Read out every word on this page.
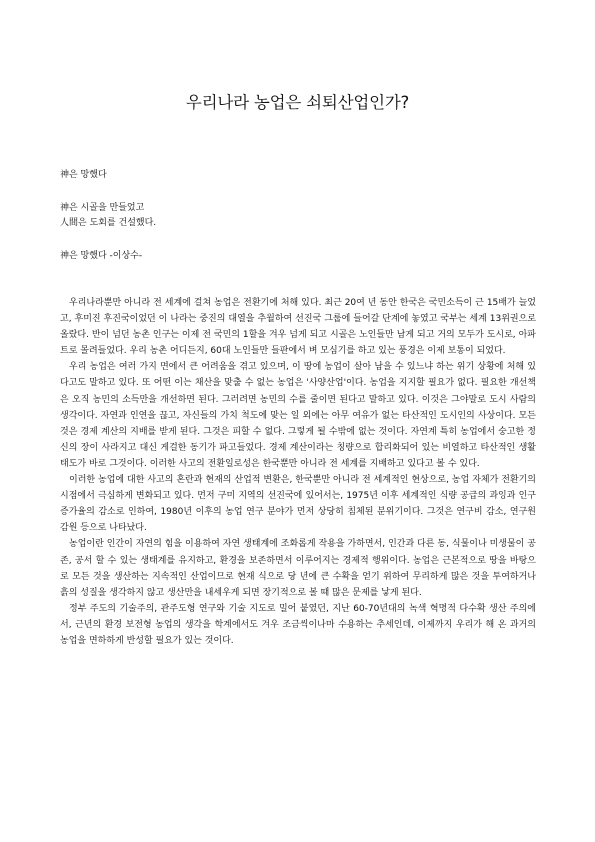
우리나라 농업은 쇠퇴산업인가?
神은 망했다
神은 시골을 만들었고
人間은 도회를 건설했다.
神은 망했다 -이상수-

우리나라뿐만 아니라 전 세계에 걸쳐 농업은 전환기에 처해 있다. 최근 20여 년 동안 한국은 국민소득이 근 15배가 늘었고, 후미진 후진국이었던 이 나라는 중진의 대열을 추월하여 선진국 그룹에 들어갈 단계에 놓였고 국부는 세계 13위권으로 올랐다. 반이 넘던 농촌 인구는 이제 전 국민의 1할을 겨우 넘게 되고 시골은 노인들만 남게 되고 거의 모두가 도시로, 아파트로 몰려들었다. 우리 농촌 어디든지, 60대 노인들만 들판에서 벼 모심기를 하고 있는 풍경은 이제 보통이 되었다.

우리 농업은 여러 가지 면에서 큰 어려움을 겪고 있으며, 이 땅에 농업이 살아 남을 수 있느냐 하는 위기 상황에 처해 있다고도 말하고 있다. 또 어떤 이는 채산을 맞출 수 없는 농업은 '사양산업'이다. 농업을 지지할 필요가 없다. 필요한 개선책은 오직 농민의 소득만을 개선하면 된다. 그러려면 농민의 수를 줄이면 된다고 말하고 있다. 이것은 그야말로 도시 사람의 생각이다. 자연과 인연을 끊고, 자신들의 가치 척도에 맞는 일 외에는 아무 여유가 없는 타산적인 도시인의 사상이다. 모든 것은 경제 계산의 지배를 받게 된다. 그것은 피할 수 없다. 그렇게 될 수밖에 없는 것이다. 자연계 특히 농업에서 숭고한 정신의 장이 사라지고 대신 게걸한 동기가 파고들었다. 경제 계산이라는 칭량으로 합리화되어 있는 비열하고 타산적인 생활 태도가 바로 그것이다. 이러한 사고의 전환일로성은 한국뿐만 아니라 전 세계를 지배하고 있다고 볼 수 있다.

이러한 농업에 대한 사고의 혼란과 현재의 산업적 변환은, 한국뿐만 아니라 전 세계적인 현상으로, 농업 자체가 전환기의 시점에서 극심하게 변화되고 있다. 먼저 구미 지역의 선진국에 있어서는, 1975년 이후 세계적인 식량 공급의 과잉과 인구 증가율의 감소로 인하여, 1980년 이후의 농업 연구 분야가 먼저 상당히 침체된 분위기이다. 그것은 연구비 감소, 연구원 감원 등으로 나타났다.

농업이란 인간이 자연의 힘을 이용하여 자연 생태계에 조화롭게 작용을 가하면서, 인간과 다른 동, 식물이나 미생물이 공존, 공서 할 수 있는 생태계를 유지하고, 환경을 보존하면서 이루어지는 경제적 행위이다. 농업은 근본적으로 땅을 바탕으로 모든 것을 생산하는 지속적인 산업이므로 현재 식으로 당 년에 큰 수확을 얻기 위하여 무리하게 많은 것을 투여하거나 흙의 성질을 생각하지 않고 생산만을 내세우게 되면 장기적으로 볼 때 많은 문제를 낳게 된다.

정부 주도의 기술주의, 관주도형 연구와 기술 지도로 밀어 붙였던, 지난 60-70년대의 녹색 혁명적 다수확 생산 주의에서, 근년의 환경 보전형 농업의 생각을 학계에서도 겨우 조금씩이나마 수용하는 추세인데, 이제까지 우리가 해 온 과거의 농업을 면하하게 반성할 필요가 있는 것이다.
